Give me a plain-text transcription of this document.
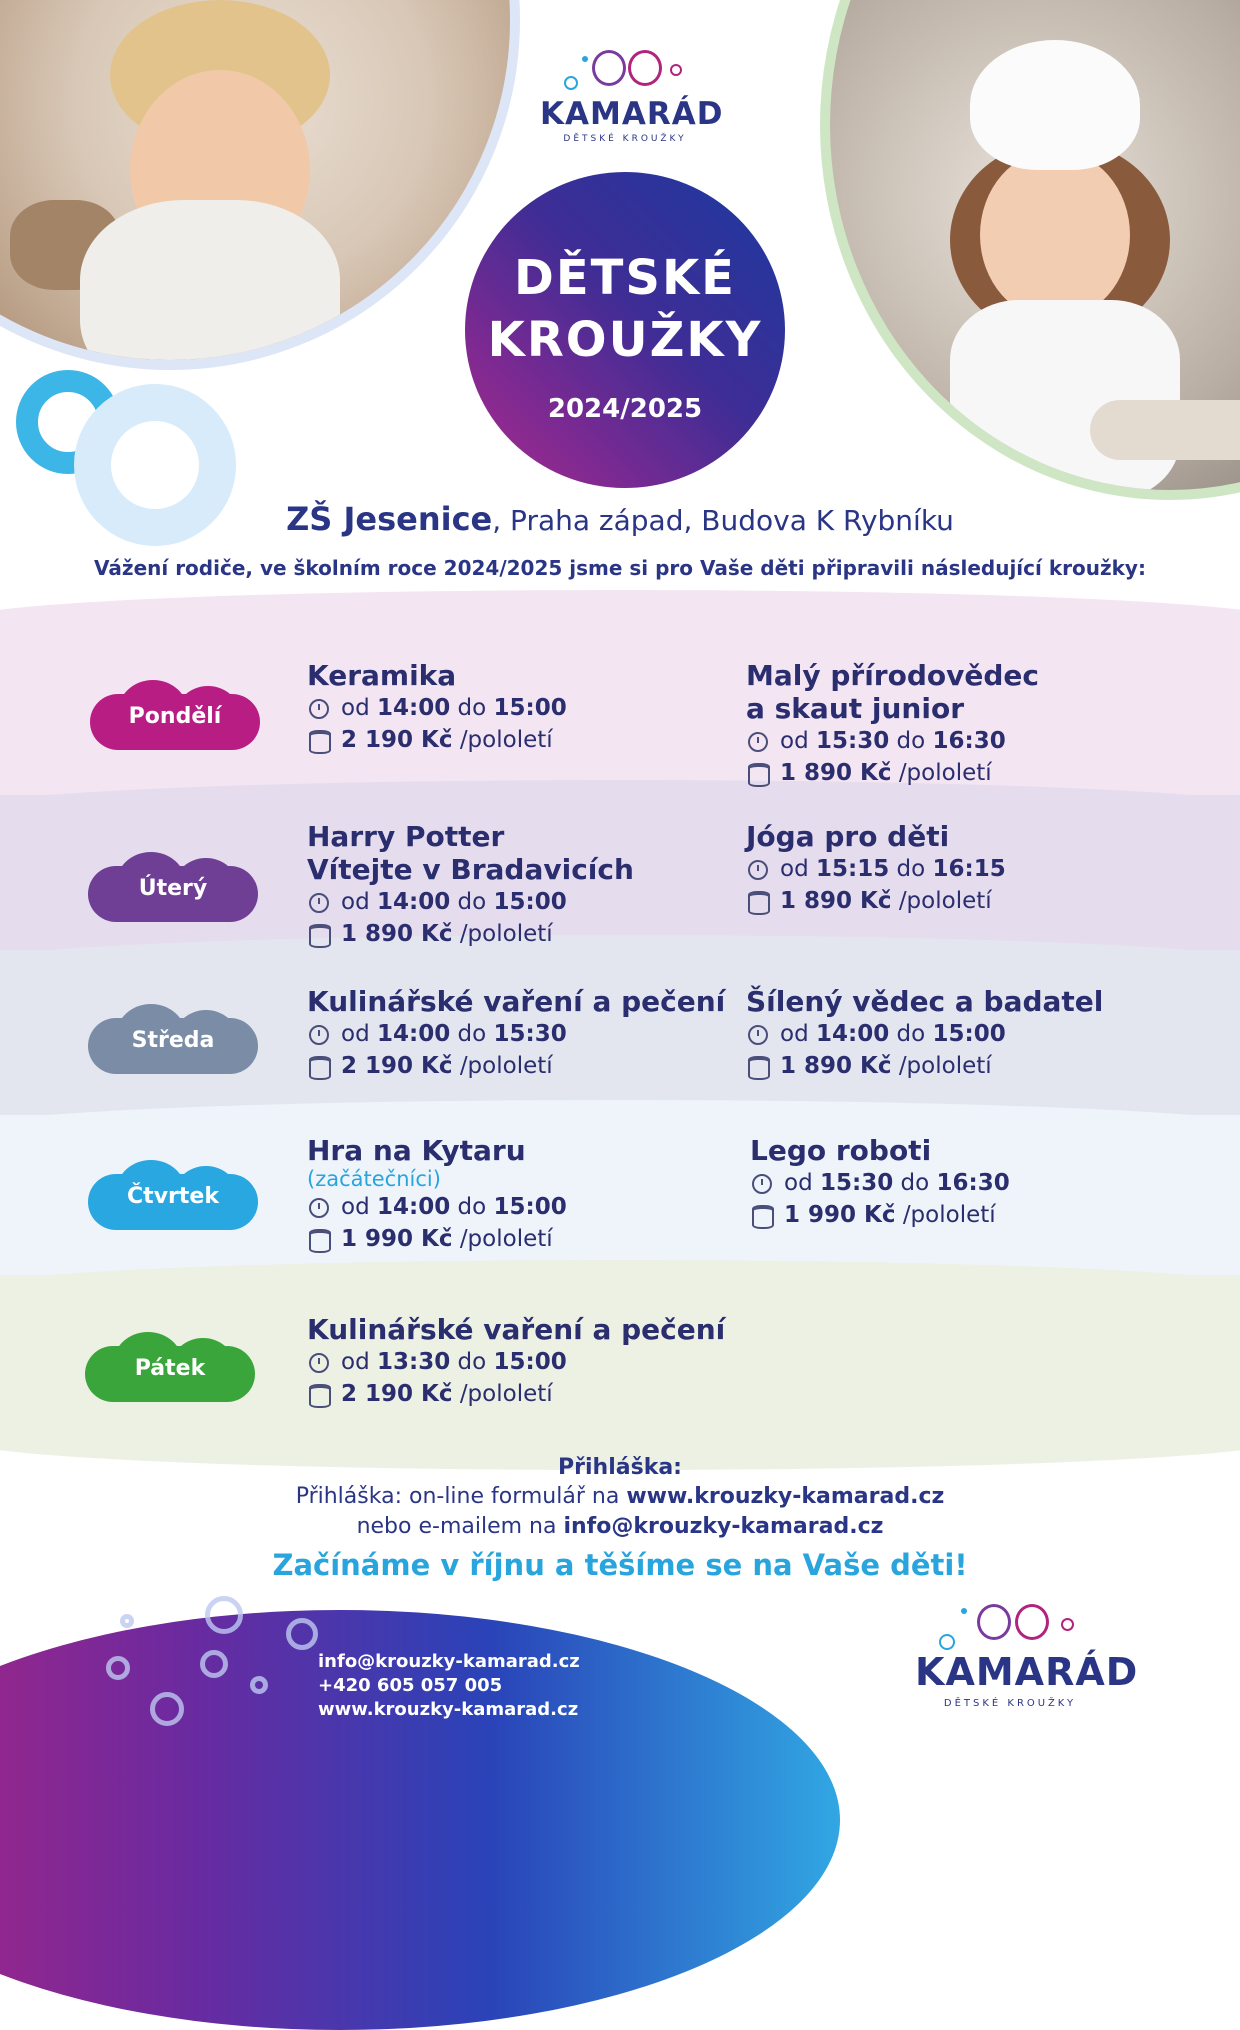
KAMARÁD
DĚTSKÉ KROUŽKY
DĚTSKÉ
KROUŽKY
2024/2025
ZŠ Jesenice, Praha západ, Budova K Rybníku
Vážení rodiče, ve školním roce 2024/2025 jsme si pro Vaše děti připravili následující kroužky:
Pondělí
Úterý
Středa
Čtvrtek
Pátek
Keramika
od 14:00 do 15:00
2 190 Kč /pololetí
Malý přírodovědec
a skaut junior
od 15:30 do 16:30
1 890 Kč /pololetí
Harry Potter
Vítejte v Bradavicích
od 14:00 do 15:00
1 890 Kč /pololetí
Jóga pro děti
od 15:15 do 16:15
1 890 Kč /pololetí
Kulinářské vaření a pečení
od 14:00 do 15:30
2 190 Kč /pololetí
Šílený vědec a badatel
od 14:00 do 15:00
1 890 Kč /pololetí
Hra na Kytaru
(začátečníci)
od 14:00 do 15:00
1 990 Kč /pololetí
Lego roboti
od 15:30 do 16:30
1 990 Kč /pololetí
Kulinářské vaření a pečení
od 13:30 do 15:00
2 190 Kč /pololetí
Přihláška:
Přihláška: on-line formulář na www.krouzky-kamarad.cz
nebo e-mailem na info@krouzky-kamarad.cz
Začínáme v říjnu a těšíme se na Vaše děti!
info@krouzky-kamarad.cz
+420 605 057 005
www.krouzky-kamarad.cz
KAMARÁD
DĚTSKÉ KROUŽKY
